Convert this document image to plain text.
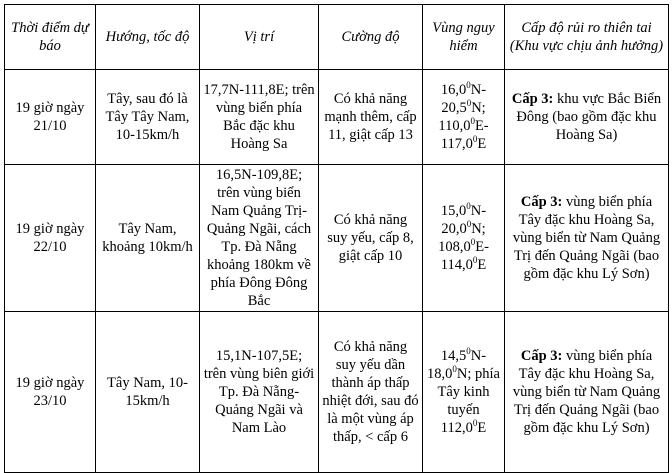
Thời điểm dự báo	Hướng, tốc độ	Vị trí	Cường độ	Vùng nguy hiểm	Cấp độ rủi ro thiên tai (Khu vực chịu ảnh hưởng)
19 giờ ngày 21/10	Tây, sau đó là Tây Tây Nam, 10-15km/h	17,7N-111,8E; trên vùng biển phía Bắc đặc khu Hoàng Sa	Có khả năng mạnh thêm, cấp 11, giật cấp 13	16,0$^0$N-
20,5$^0$N;
110,0$^0$E-
117,0$^0$E	Cấp 3: khu vực Bắc Biển Đông (bao gồm đặc khu Hoàng Sa)
19 giờ ngày 22/10	Tây Nam, khoảng 10km/h	16,5N-109,8E; trên vùng biển Nam Quảng Trị-Quảng Ngãi, cách Tp. Đà Nẵng khoảng 180km về phía Đông Đông Bắc	Có khả năng suy yếu, cấp 8, giật cấp 10	15,0$^0$N-
20,0$^0$N;
108,0$^0$E-
114,0$^0$E	Cấp 3: vùng biển phía Tây đặc khu Hoàng Sa, vùng biển từ Nam Quảng Trị đến Quảng Ngãi (bao gồm đặc khu Lý Sơn)
19 giờ ngày 23/10	Tây Nam, 10-15km/h	15,1N-107,5E; trên vùng biên giới Tp. Đà Nẵng-Quảng Ngãi và Nam Lào	Có khả năng suy yếu dần thành áp thấp nhiệt đới, sau đó là một vùng áp thấp, < cấp 6	14,5$^0$N-
18,0$^0$N; phía Tây kinh tuyến 112,0$^0$E	Cấp 3: vùng biển phía Tây đặc khu Hoàng Sa, vùng biển từ Nam Quảng Trị đến Quảng Ngãi (bao gồm đặc khu Lý Sơn)
